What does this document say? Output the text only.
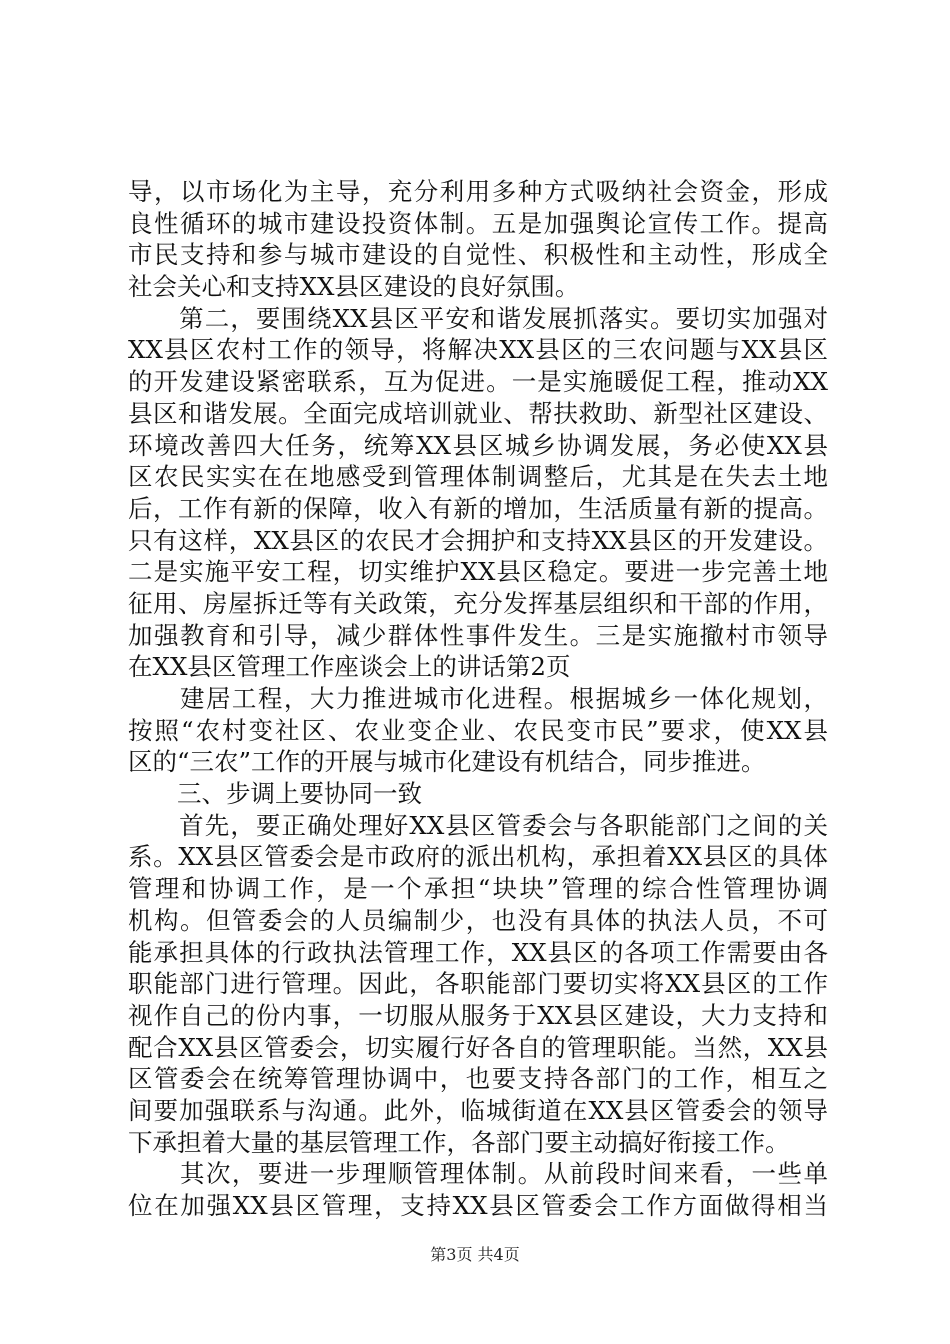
导，以市场化为主导，充分利用多种方式吸纳社会资金，形成
良性循环的城市建设投资体制。五是加强舆论宣传工作。提高
市民支持和参与城市建设的自觉性、积极性和主动性，形成全
社会关心和支持XX县区建设的良好氛围。
　　第二，要围绕XX县区平安和谐发展抓落实。要切实加强对
XX县区农村工作的领导，将解决XX县区的三农问题与XX县区
的开发建设紧密联系，互为促进。一是实施暖促工程，推动XX
县区和谐发展。全面完成培训就业、帮扶救助、新型社区建设、
环境改善四大任务，统筹XX县区城乡协调发展，务必使XX县
区农民实实在在地感受到管理体制调整后，尤其是在失去土地
后，工作有新的保障，收入有新的增加，生活质量有新的提高。
只有这样，XX县区的农民才会拥护和支持XX县区的开发建设。
二是实施平安工程，切实维护XX县区稳定。要进一步完善土地
征用、房屋拆迁等有关政策，充分发挥基层组织和干部的作用，
加强教育和引导，减少群体性事件发生。三是实施撤村市领导
在XX县区管理工作座谈会上的讲话第2页
　　建居工程，大力推进城市化进程。根据城乡一体化规划，
按照“农村变社区、农业变企业、农民变市民”要求，使XX县
区的“三农”工作的开展与城市化建设有机结合，同步推进。
　　三、步调上要协同一致
　　首先，要正确处理好XX县区管委会与各职能部门之间的关
系。XX县区管委会是市政府的派出机构，承担着XX县区的具体
管理和协调工作，是一个承担“块块”管理的综合性管理协调
机构。但管委会的人员编制少，也没有具体的执法人员，不可
能承担具体的行政执法管理工作，XX县区的各项工作需要由各
职能部门进行管理。因此，各职能部门要切实将XX县区的工作
视作自己的份内事，一切服从服务于XX县区建设，大力支持和
配合XX县区管委会，切实履行好各自的管理职能。当然，XX县
区管委会在统筹管理协调中，也要支持各部门的工作，相互之
间要加强联系与沟通。此外，临城街道在XX县区管委会的领导
下承担着大量的基层管理工作，各部门要主动搞好衔接工作。
　　其次，要进一步理顺管理体制。从前段时间来看，一些单
位在加强XX县区管理，支持XX县区管委会工作方面做得相当
第3页 共4页
